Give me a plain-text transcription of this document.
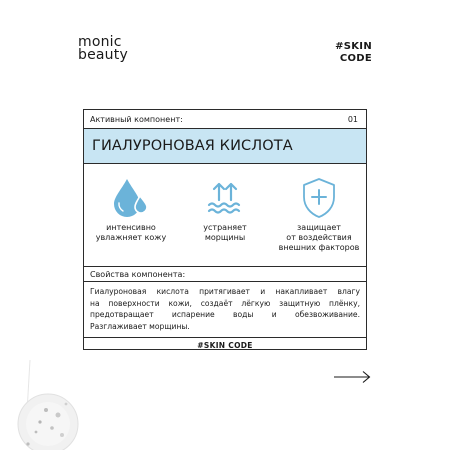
monic
beauty
#SKIN
CODE
Активный компонент:	01
ГИАЛУРОНОВАЯ КИСЛОТА
интенсивно
увлажняет кожу
устраняет
морщины
защищает
от воздействия
внешних факторов
Свойства компонента:
Гиалуроновая кислота притягивает и накапливает влагу
на поверхности кожи, создаёт лёгкую защитную плёнку,
предотвращает испарение воды и обезвоживание.
Разглаживает морщины.
#SKIN CODE
